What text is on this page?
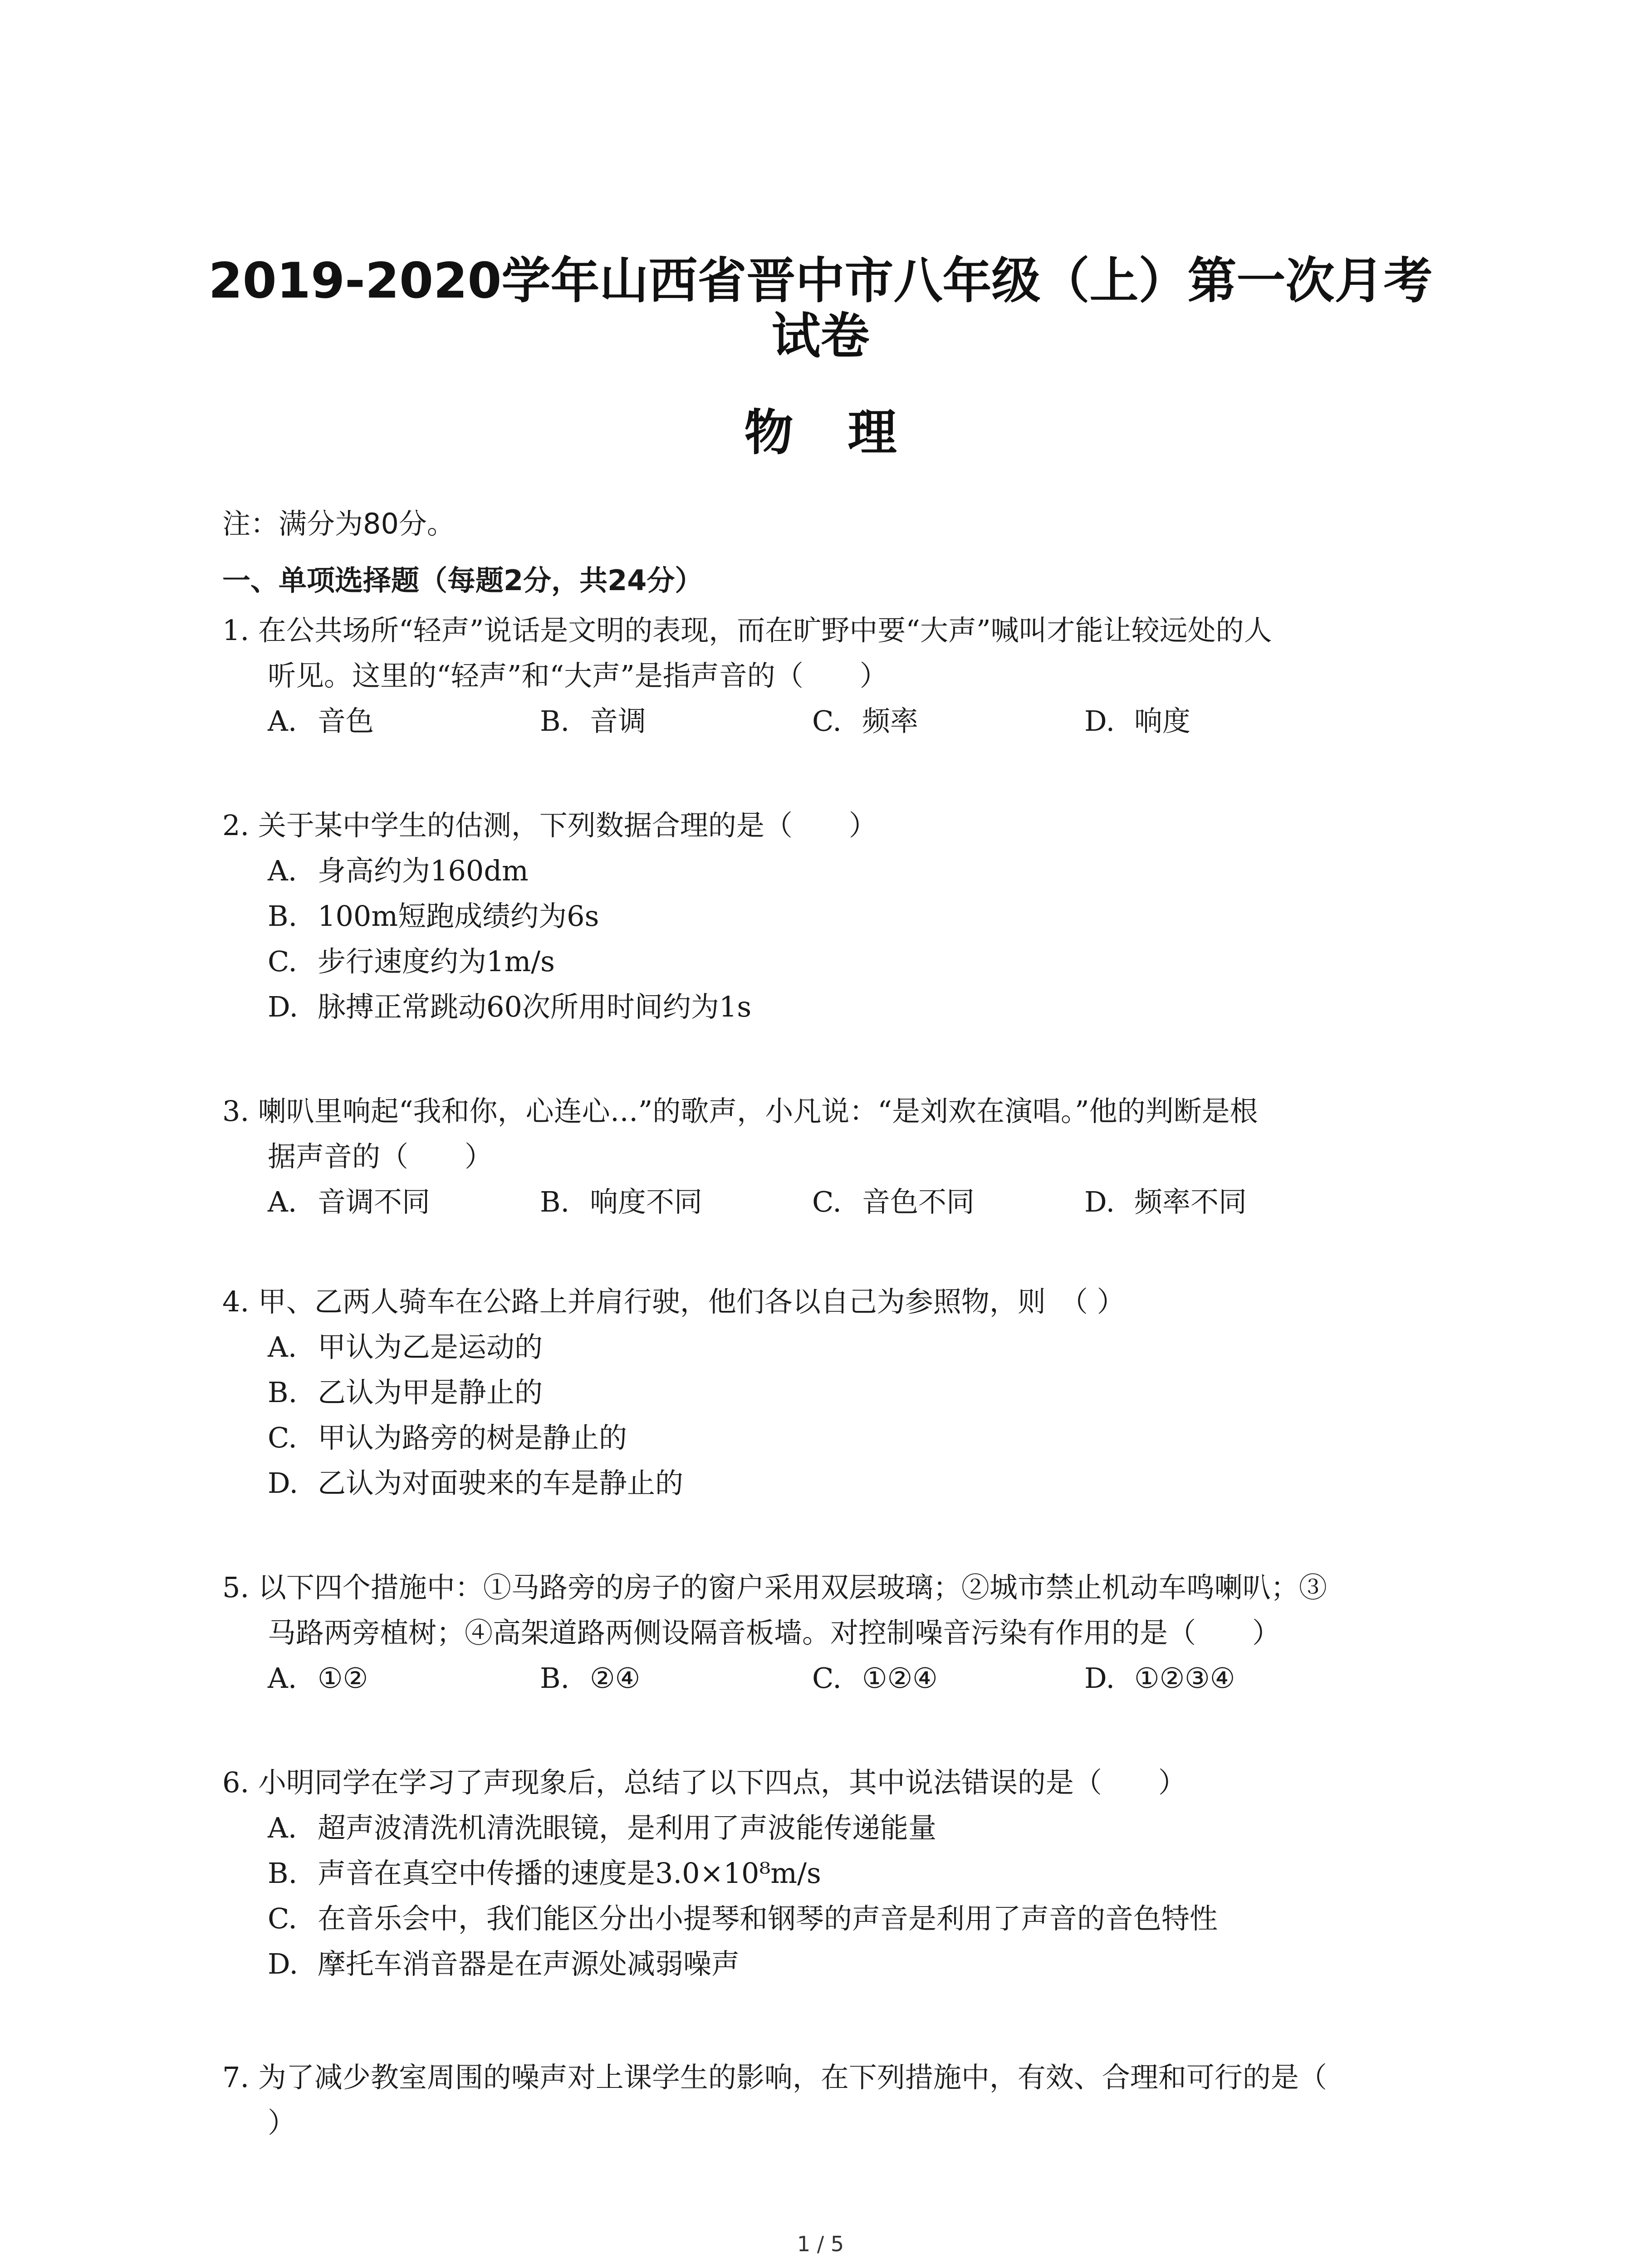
2019-2020学年山西省晋中市八年级（上）第一次月考
试卷
物理
注：满分为80分。
一、单项选择题（每题2分，共24分）
1. 在公共场所“轻声”说话是文明的表现，而在旷野中要“大声”喊叫才能让较远处的人
听见。这里的“轻声”和“大声”是指声音的（　　）
A. 音色	B. 音调	C. 频率	D. 响度
2. 关于某中学生的估测，下列数据合理的是（　　）
A. 身高约为160dm
B. 100m短跑成绩约为6s
C. 步行速度约为1m/s
D. 脉搏正常跳动60次所用时间约为1s
3. 喇叭里响起“我和你，心连心…”的歌声，小凡说：“是刘欢在演唱。”他的判断是根
据声音的（　　）
A. 音调不同	B. 响度不同	C. 音色不同	D. 频率不同
4. 甲、乙两人骑车在公路上并肩行驶，他们各以自己为参照物，则　（ ）
A. 甲认为乙是运动的
B. 乙认为甲是静止的
C. 甲认为路旁的树是静止的
D. 乙认为对面驶来的车是静止的
5. 以下四个措施中：①马路旁的房子的窗户采用双层玻璃；②城市禁止机动车鸣喇叭；③
马路两旁植树；④高架道路两侧设隔音板墙。对控制噪音污染有作用的是（　　）
A. ①②	B. ②④	C. ①②④	D. ①②③④
6. 小明同学在学习了声现象后，总结了以下四点，其中说法错误的是（　　）
A. 超声波清洗机清洗眼镜，是利用了声波能传递能量
B. 声音在真空中传播的速度是3.0×10⁸m/s
C. 在音乐会中，我们能区分出小提琴和钢琴的声音是利用了声音的音色特性
D. 摩托车消音器是在声源处减弱噪声
7. 为了减少教室周围的噪声对上课学生的影响，在下列措施中，有效、合理和可行的是（
）
1 / 5
